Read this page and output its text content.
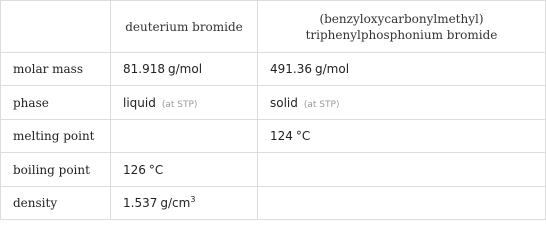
	deuterium bromide	(benzyloxycarbonylmethyl)
triphenylphosphonium bromide
molar mass	81.918 g/mol	491.36 g/mol
phase	liquid (at STP)	solid (at STP)
melting point		124 °C
boiling point	126 °C	
density	1.537 $g/cm^3$	
